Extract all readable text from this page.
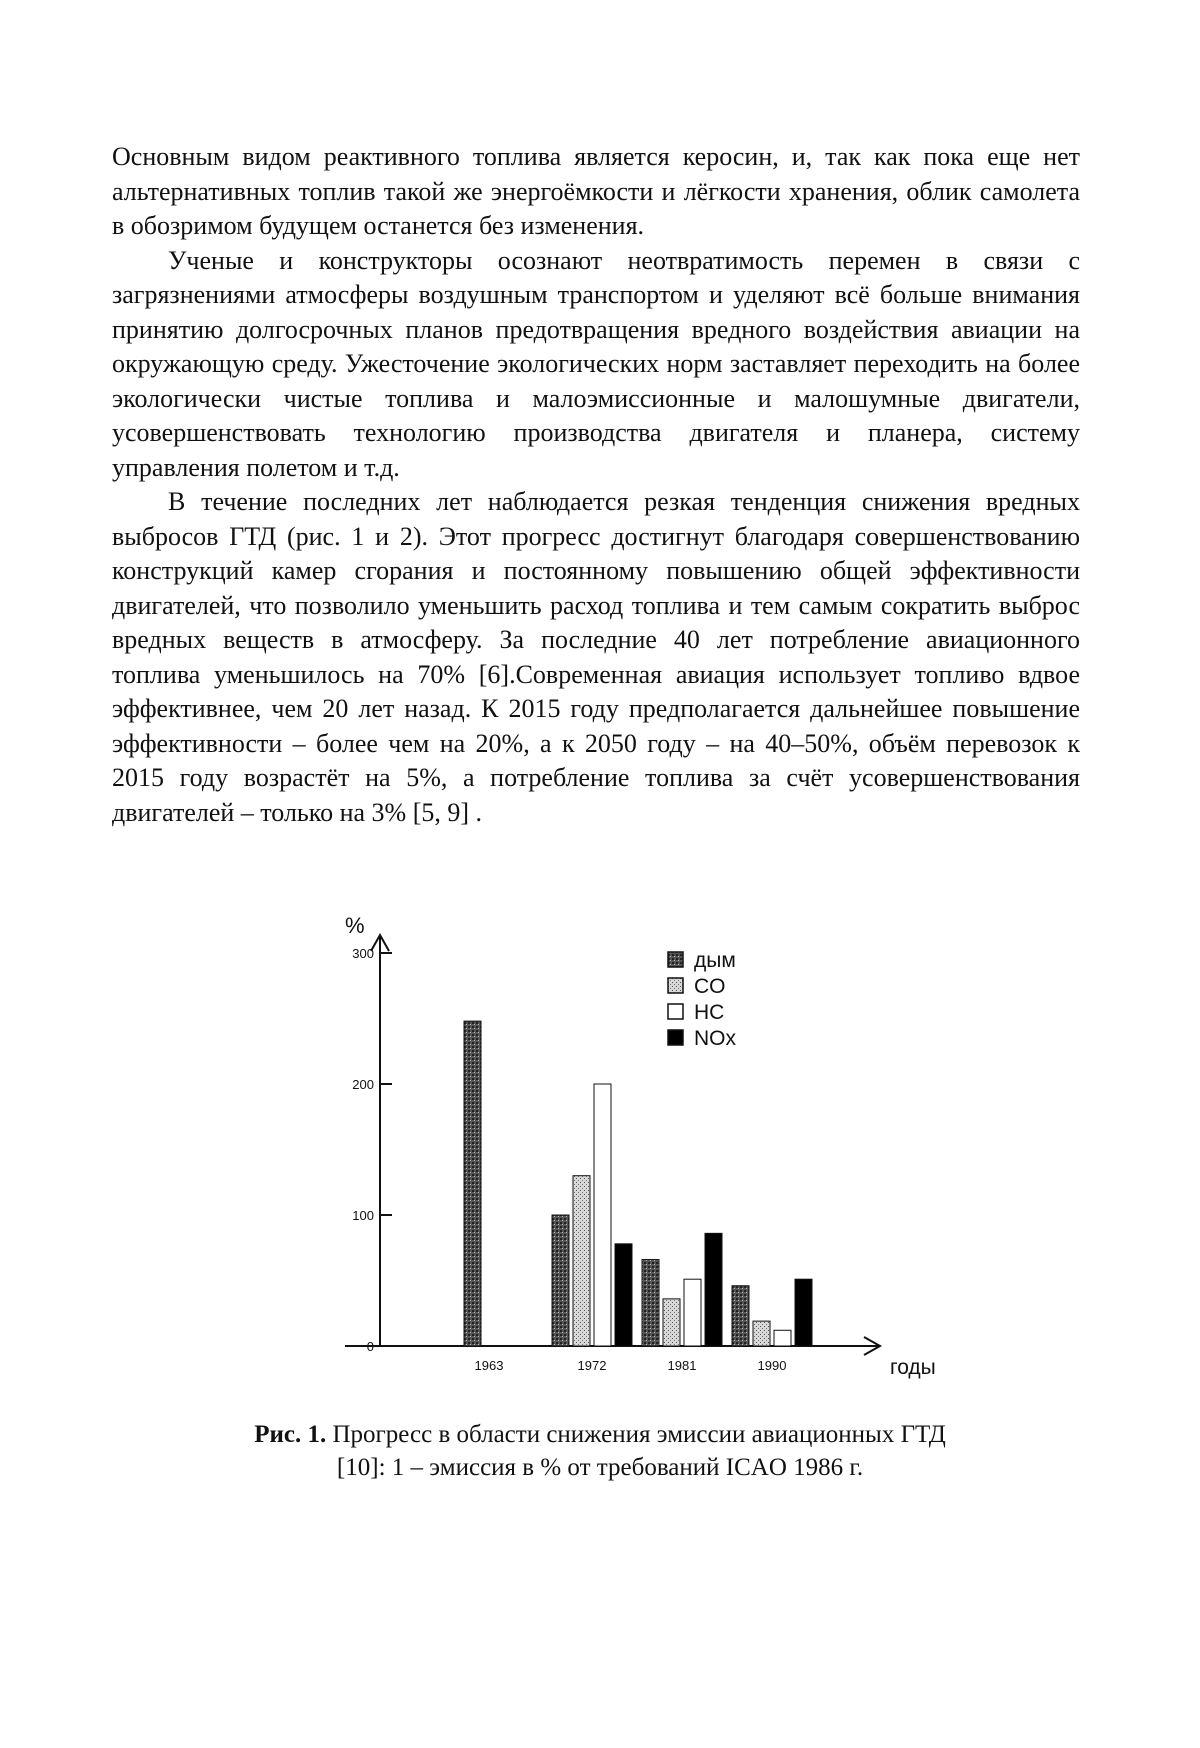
Основным видом реактивного топлива является керосин, и, так как пока еще нет альтернативных топлив такой же энергоёмкости и лёгкости хранения, облик самолета в обозримом будущем останется без изменения.

Ученые и конструкторы осознают неотвратимость перемен в связи с загрязнениями атмосферы воздушным транспортом и уделяют всё больше внимания принятию долгосрочных планов предотвращения вредного воздействия авиации на окружающую среду. Ужесточение экологических норм заставляет переходить на более экологически чистые топлива и малоэмиссионные и малошумные двигатели, усовершенствовать технологию производства двигателя и планера, систему управления полетом и т.д.

В течение последних лет наблюдается резкая тенденция снижения вредных выбросов ГТД (рис. 1 и 2). Этот прогресс достигнут благодаря совершенствованию конструкций камер сгорания и постоянному повышению общей эффективности двигателей, что позволило уменьшить расход топлива и тем самым сократить выброс вредных веществ в атмосферу. За последние 40 лет потребление авиационного топлива уменьшилось на 70% [6].Современная авиация использует топливо вдвое эффективнее, чем 20 лет назад. К 2015 году предполагается дальнейшее повышение эффективности – более чем на 20%, а к 2050 году – на 40–50%, объём перевозок к 2015 году возрастёт на 5%, а потребление топлива за счёт усовершенствования двигателей – только на 3% [5, 9] .

%
годы
0
100
200
300
1963	1972	1981	1990
дым
CO
HC
NOx
Рис. 1. Прогресс в области снижения эмиссии авиационных ГТД [10]: 1 – эмиссия в % от требований ICAO 1986 г.
